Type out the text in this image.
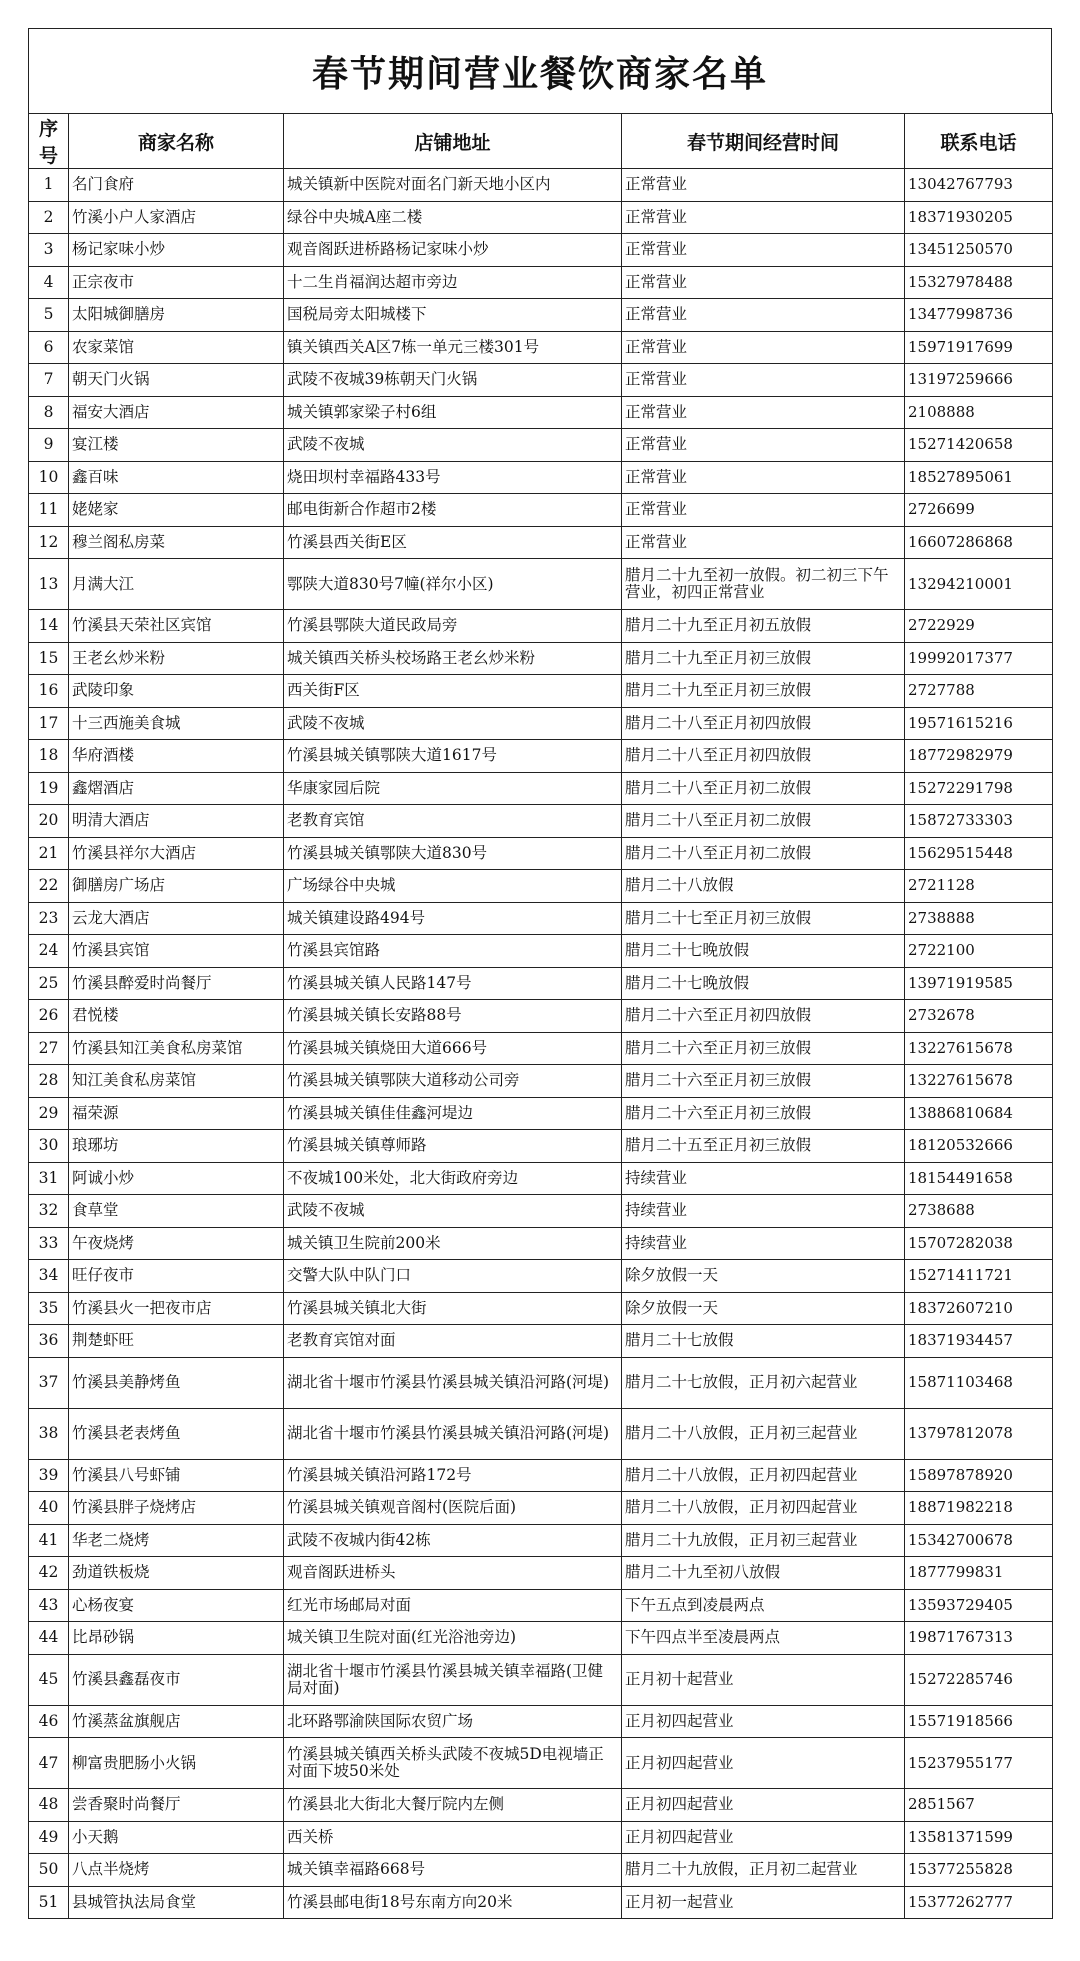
春节期间营业餐饮商家名单
序号	商家名称	店铺地址	春节期间经营时间	联系电话
1	名门食府	城关镇新中医院对面名门新天地小区内	正常营业	13042767793
2	竹溪小户人家酒店	绿谷中央城A座二楼	正常营业	18371930205
3	杨记家味小炒	观音阁跃进桥路杨记家味小炒	正常营业	13451250570
4	正宗夜市	十二生肖福润达超市旁边	正常营业	15327978488
5	太阳城御膳房	国税局旁太阳城楼下	正常营业	13477998736
6	农家菜馆	镇关镇西关A区7栋一单元三楼301号	正常营业	15971917699
7	朝天门火锅	武陵不夜城39栋朝天门火锅	正常营业	13197259666
8	福安大酒店	城关镇郭家梁子村6组	正常营业	2108888
9	宴江楼	武陵不夜城	正常营业	15271420658
10	鑫百味	烧田坝村幸福路433号	正常营业	18527895061
11	姥姥家	邮电街新合作超市2楼	正常营业	2726699
12	穆兰阁私房菜	竹溪县西关街E区	正常营业	16607286868
13	月满大江	鄂陕大道830号7幢(祥尔小区)	腊月二十九至初一放假。初二初三下午营业，初四正常营业	13294210001
14	竹溪县天荣社区宾馆	竹溪县鄂陕大道民政局旁	腊月二十九至正月初五放假	2722929
15	王老幺炒米粉	城关镇西关桥头校场路王老幺炒米粉	腊月二十九至正月初三放假	19992017377
16	武陵印象	西关街F区	腊月二十九至正月初三放假	2727788
17	十三西施美食城	武陵不夜城	腊月二十八至正月初四放假	19571615216
18	华府酒楼	竹溪县城关镇鄂陕大道1617号	腊月二十八至正月初四放假	18772982979
19	鑫熠酒店	华康家园后院	腊月二十八至正月初二放假	15272291798
20	明清大酒店	老教育宾馆	腊月二十八至正月初二放假	15872733303
21	竹溪县祥尔大酒店	竹溪县城关镇鄂陕大道830号	腊月二十八至正月初二放假	15629515448
22	御膳房广场店	广场绿谷中央城	腊月二十八放假	2721128
23	云龙大酒店	城关镇建设路494号	腊月二十七至正月初三放假	2738888
24	竹溪县宾馆	竹溪县宾馆路	腊月二十七晚放假	2722100
25	竹溪县醉爱时尚餐厅	竹溪县城关镇人民路147号	腊月二十七晚放假	13971919585
26	君悦楼	竹溪县城关镇长安路88号	腊月二十六至正月初四放假	2732678
27	竹溪县知江美食私房菜馆	竹溪县城关镇烧田大道666号	腊月二十六至正月初三放假	13227615678
28	知江美食私房菜馆	竹溪县城关镇鄂陕大道移动公司旁	腊月二十六至正月初三放假	13227615678
29	福荣源	竹溪县城关镇佳佳鑫河堤边	腊月二十六至正月初三放假	13886810684
30	琅琊坊	竹溪县城关镇尊师路	腊月二十五至正月初三放假	18120532666
31	阿诚小炒	不夜城100米处，北大街政府旁边	持续营业	18154491658
32	食草堂	武陵不夜城	持续营业	2738688
33	午夜烧烤	城关镇卫生院前200米	持续营业	15707282038
34	旺仔夜市	交警大队中队门口	除夕放假一天	15271411721
35	竹溪县火一把夜市店	竹溪县城关镇北大街	除夕放假一天	18372607210
36	荆楚虾旺	老教育宾馆对面	腊月二十七放假	18371934457
37	竹溪县美静烤鱼	湖北省十堰市竹溪县竹溪县城关镇沿河路(河堤)	腊月二十七放假，正月初六起营业	15871103468
38	竹溪县老表烤鱼	湖北省十堰市竹溪县竹溪县城关镇沿河路(河堤)	腊月二十八放假，正月初三起营业	13797812078
39	竹溪县八号虾铺	竹溪县城关镇沿河路172号	腊月二十八放假，正月初四起营业	15897878920
40	竹溪县胖子烧烤店	竹溪县城关镇观音阁村(医院后面)	腊月二十八放假，正月初四起营业	18871982218
41	华老二烧烤	武陵不夜城内街42栋	腊月二十九放假，正月初三起营业	15342700678
42	劲道铁板烧	观音阁跃进桥头	腊月二十九至初八放假	1877799831
43	心杨夜宴	红光市场邮局对面	下午五点到凌晨两点	13593729405
44	比昂砂锅	城关镇卫生院对面(红光浴池旁边)	下午四点半至凌晨两点	19871767313
45	竹溪县鑫磊夜市	湖北省十堰市竹溪县竹溪县城关镇幸福路(卫健局对面)	正月初十起营业	15272285746
46	竹溪蒸盆旗舰店	北环路鄂渝陕国际农贸广场	正月初四起营业	15571918566
47	柳富贵肥肠小火锅	竹溪县城关镇西关桥头武陵不夜城5D电视墙正对面下坡50米处	正月初四起营业	15237955177
48	尝香聚时尚餐厅	竹溪县北大街北大餐厅院内左侧	正月初四起营业	2851567
49	小天鹅	西关桥	正月初四起营业	13581371599
50	八点半烧烤	城关镇幸福路668号	腊月二十九放假，正月初二起营业	15377255828
51	县城管执法局食堂	竹溪县邮电街18号东南方向20米	正月初一起营业	15377262777
